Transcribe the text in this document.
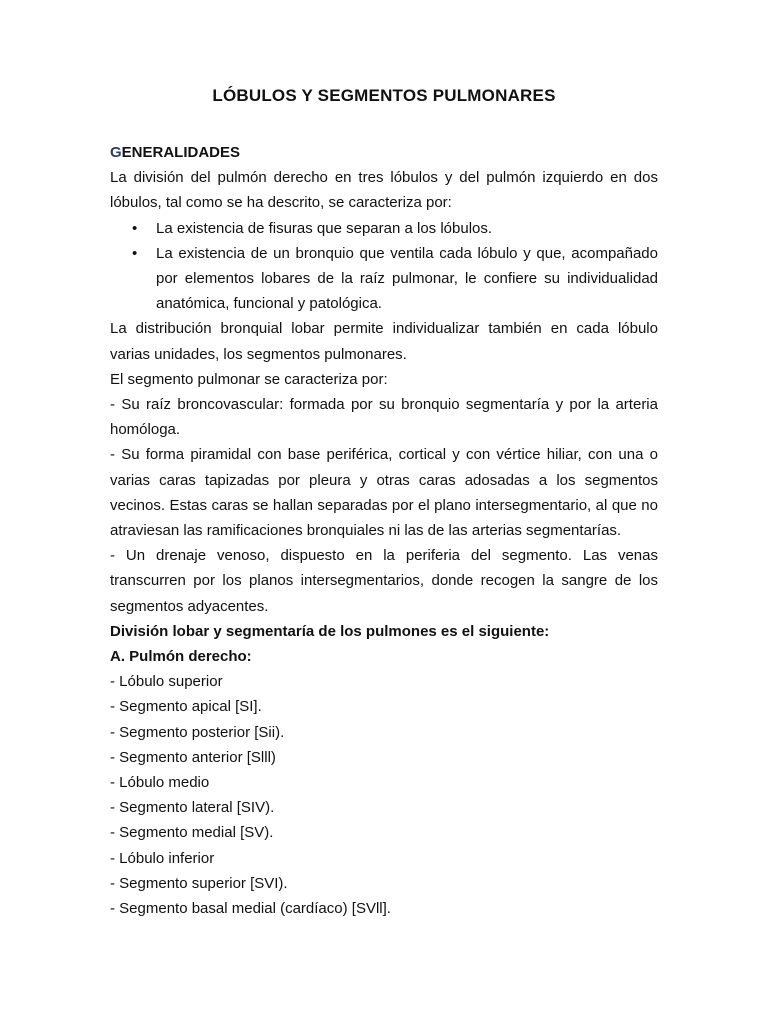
LÓBULOS Y SEGMENTOS PULMONARES
GENERALIDADES

La división del pulmón derecho en tres lóbulos y del pulmón izquierdo en dos lóbulos, tal como se ha descrito, se caracteriza por:

• La existencia de fisuras que separan a los lóbulos.
• La existencia de un bronquio que ventila cada lóbulo y que, acompañado por elementos lobares de la raíz pulmonar, le confiere su individualidad anatómica, funcional y patológica.

La distribución bronquial lobar permite individualizar también en cada lóbulo varias unidades, los segmentos pulmonares.

El segmento pulmonar se caracteriza por:

- Su raíz broncovascular: formada por su bronquio segmentaría y por la arteria homóloga.

- Su forma piramidal con base periférica, cortical y con vértice hiliar, con una o varias caras tapizadas por pleura y otras caras adosadas a los segmentos vecinos. Estas caras se hallan separadas por el plano intersegmentario, al que no atraviesan las ramificaciones bronquiales ni las de las arterias segmentarías.

- Un drenaje venoso, dispuesto en la periferia del segmento. Las venas transcurren por los planos intersegmentarios, donde recogen la sangre de los segmentos adyacentes.

División lobar y segmentaría de los pulmones es el siguiente:

A. Pulmón derecho:

- Lóbulo superior

- Segmento apical [SI].

- Segmento posterior [Sii).

- Segmento anterior [Slll)

- Lóbulo medio

- Segmento lateral [SIV).

- Segmento medial [SV).

- Lóbulo inferior

- Segmento superior [SVI).

- Segmento basal medial (cardíaco) [SVll].
